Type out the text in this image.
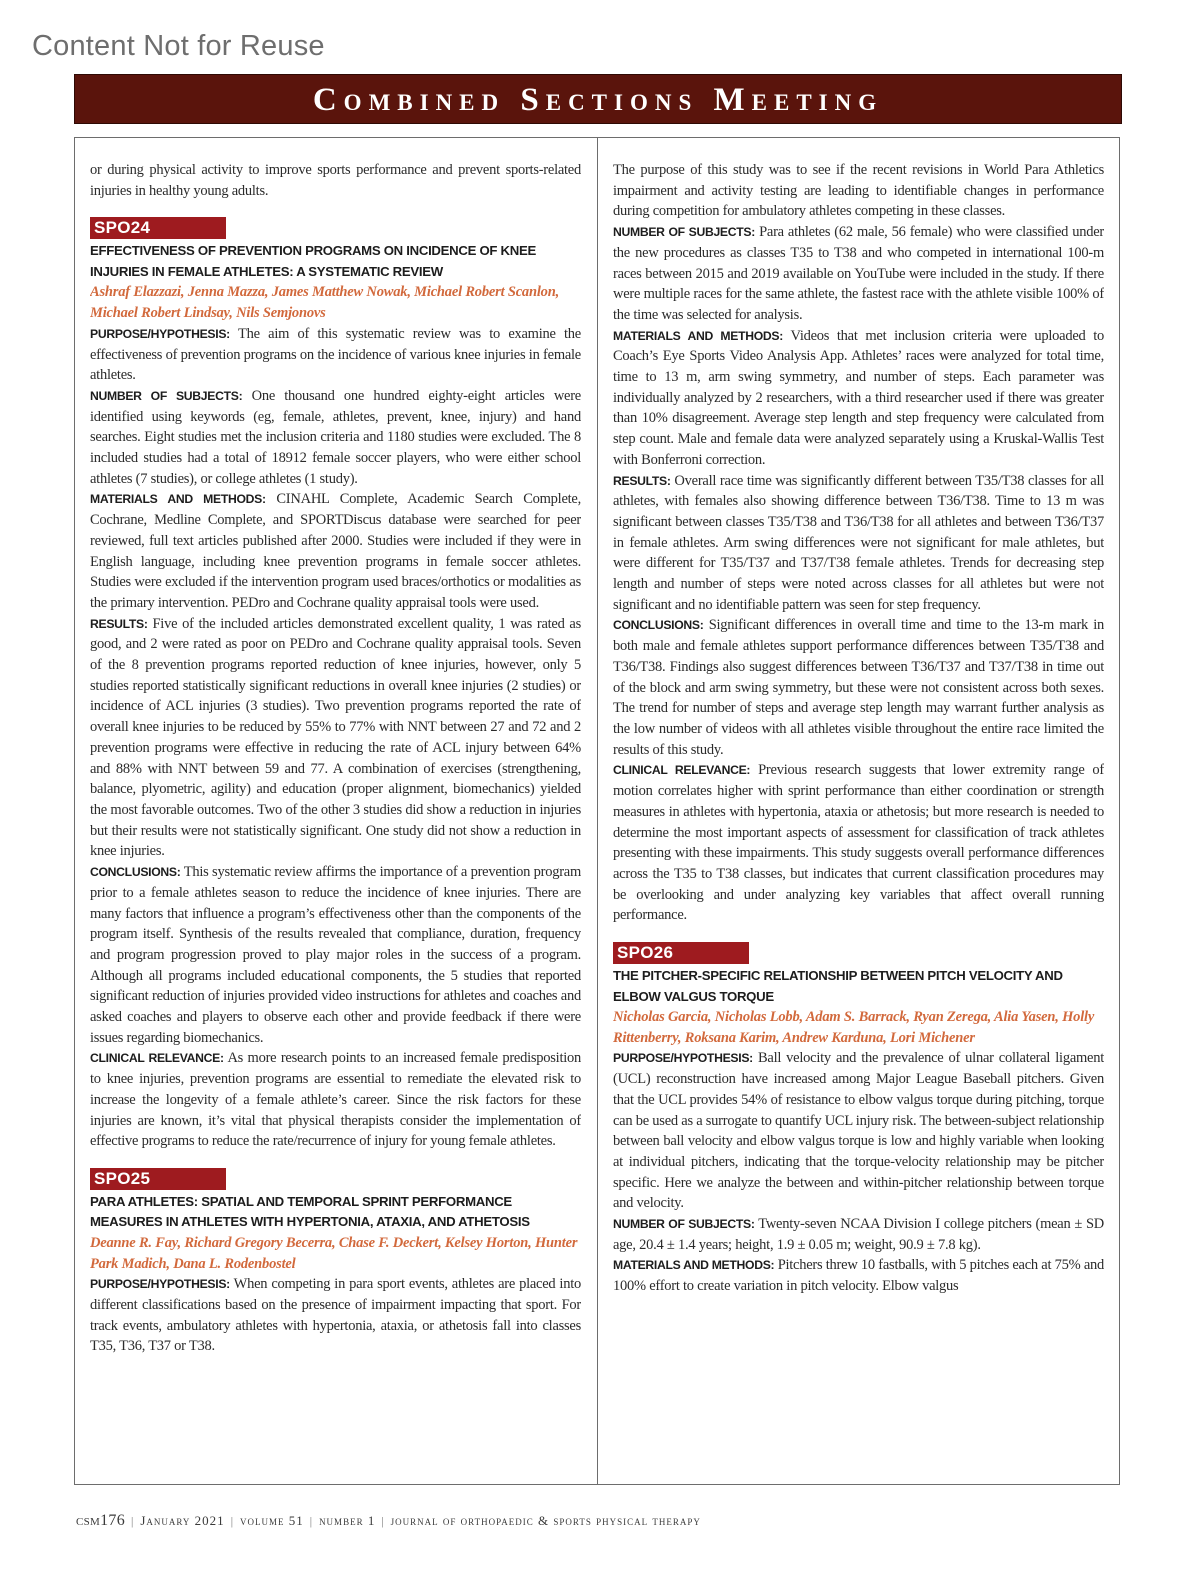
Content Not for Reuse
Combined Sections Meeting

or during physical activity to improve sports performance and prevent sports-related injuries in healthy young adults.

SPO24
EFFECTIVENESS OF PREVENTION PROGRAMS ON INCIDENCE OF KNEE INJURIES IN FEMALE ATHLETES: A SYSTEMATIC REVIEW
Ashraf Elazzazi, Jenna Mazza, James Matthew Nowak, Michael Robert Scanlon, Michael Robert Lindsay, Nils Semjonovs

PURPOSE/HYPOTHESIS: The aim of this systematic review was to examine the effectiveness of prevention programs on the incidence of various knee injuries in female athletes.

NUMBER OF SUBJECTS: One thousand one hundred eighty-eight articles were identified using keywords (eg, female, athletes, prevent, knee, injury) and hand searches. Eight studies met the inclusion criteria and 1180 studies were excluded. The 8 included studies had a total of 18912 female soccer players, who were either school athletes (7 studies), or college athletes (1 study).

MATERIALS AND METHODS: CINAHL Complete, Academic Search Complete, Cochrane, Medline Complete, and SPORTDiscus database were searched for peer reviewed, full text articles published after 2000. Studies were included if they were in English language, including knee prevention programs in female soccer athletes. Studies were excluded if the intervention program used braces/orthotics or modalities as the primary intervention. PEDro and Cochrane quality appraisal tools were used.

RESULTS: Five of the included articles demonstrated excellent quality, 1 was rated as good, and 2 were rated as poor on PEDro and Cochrane quality appraisal tools. Seven of the 8 prevention programs reported reduction of knee injuries, however, only 5 studies reported statistically significant reductions in overall knee injuries (2 studies) or incidence of ACL injuries (3 studies). Two prevention programs reported the rate of overall knee injuries to be reduced by 55% to 77% with NNT between 27 and 72 and 2 prevention programs were effective in reducing the rate of ACL injury between 64% and 88% with NNT between 59 and 77. A combination of exercises (strengthening, balance, plyometric, agility) and education (proper alignment, biomechanics) yielded the most favorable outcomes. Two of the other 3 studies did show a reduction in injuries but their results were not statistically significant. One study did not show a reduction in knee injuries.

CONCLUSIONS: This systematic review affirms the importance of a prevention program prior to a female athletes season to reduce the incidence of knee injuries. There are many factors that influence a program’s effectiveness other than the components of the program itself. Synthesis of the results revealed that compliance, duration, frequency and program progression proved to play major roles in the success of a program. Although all programs included educational components, the 5 studies that reported significant reduction of injuries provided video instructions for athletes and coaches and asked coaches and players to observe each other and provide feedback if there were issues regarding biomechanics.

CLINICAL RELEVANCE: As more research points to an increased female predisposition to knee injuries, prevention programs are essential to remediate the elevated risk to increase the longevity of a female athlete’s career. Since the risk factors for these injuries are known, it’s vital that physical therapists consider the implementation of effective programs to reduce the rate/recurrence of injury for young female athletes.

SPO25
PARA ATHLETES: SPATIAL AND TEMPORAL SPRINT PERFORMANCE MEASURES IN ATHLETES WITH HYPERTONIA, ATAXIA, AND ATHETOSIS
Deanne R. Fay, Richard Gregory Becerra, Chase F. Deckert, Kelsey Horton, Hunter Park Madich, Dana L. Rodenbostel

PURPOSE/HYPOTHESIS: When competing in para sport events, athletes are placed into different classifications based on the presence of impairment impacting that sport. For track events, ambulatory athletes with hypertonia, ataxia, or athetosis fall into classes T35, T36, T37 or T38.

The purpose of this study was to see if the recent revisions in World Para Athletics impairment and activity testing are leading to identifiable changes in performance during competition for ambulatory athletes competing in these classes.

NUMBER OF SUBJECTS: Para athletes (62 male, 56 female) who were classified under the new procedures as classes T35 to T38 and who competed in international 100-m races between 2015 and 2019 available on YouTube were included in the study. If there were multiple races for the same athlete, the fastest race with the athlete visible 100% of the time was selected for analysis.

MATERIALS AND METHODS: Videos that met inclusion criteria were uploaded to Coach’s Eye Sports Video Analysis App. Athletes’ races were analyzed for total time, time to 13 m, arm swing symmetry, and number of steps. Each parameter was individually analyzed by 2 researchers, with a third researcher used if there was greater than 10% disagreement. Average step length and step frequency were calculated from step count. Male and female data were analyzed separately using a Kruskal-Wallis Test with Bonferroni correction.

RESULTS: Overall race time was significantly different between T35/T38 classes for all athletes, with females also showing difference between T36/T38. Time to 13 m was significant between classes T35/T38 and T36/T38 for all athletes and between T36/T37 in female athletes. Arm swing differences were not significant for male athletes, but were different for T35/T37 and T37/T38 female athletes. Trends for decreasing step length and number of steps were noted across classes for all athletes but were not significant and no identifiable pattern was seen for step frequency.

CONCLUSIONS: Significant differences in overall time and time to the 13-m mark in both male and female athletes support performance differences between T35/T38 and T36/T38. Findings also suggest differences between T36/T37 and T37/T38 in time out of the block and arm swing symmetry, but these were not consistent across both sexes. The trend for number of steps and average step length may warrant further analysis as the low number of videos with all athletes visible throughout the entire race limited the results of this study.

CLINICAL RELEVANCE: Previous research suggests that lower extremity range of motion correlates higher with sprint performance than either coordination or strength measures in athletes with hypertonia, ataxia or athetosis; but more research is needed to determine the most important aspects of assessment for classification of track athletes presenting with these impairments. This study suggests overall performance differences across the T35 to T38 classes, but indicates that current classification procedures may be overlooking and under analyzing key variables that affect overall running performance.

SPO26
THE PITCHER-SPECIFIC RELATIONSHIP BETWEEN PITCH VELOCITY AND ELBOW VALGUS TORQUE
Nicholas Garcia, Nicholas Lobb, Adam S. Barrack, Ryan Zerega, Alia Yasen, Holly Rittenberry, Roksana Karim, Andrew Karduna, Lori Michener

PURPOSE/HYPOTHESIS: Ball velocity and the prevalence of ulnar collateral ligament (UCL) reconstruction have increased among Major League Baseball pitchers. Given that the UCL provides 54% of resistance to elbow valgus torque during pitching, torque can be used as a surrogate to quantify UCL injury risk. The between-subject relationship between ball velocity and elbow valgus torque is low and highly variable when looking at individual pitchers, indicating that the torque-velocity relationship may be pitcher specific. Here we analyze the between and within-pitcher relationship between torque and velocity.

NUMBER OF SUBJECTS: Twenty-seven NCAA Division I college pitchers (mean ± SD age, 20.4 ± 1.4 years; height, 1.9 ± 0.05 m; weight, 90.9 ± 7.8 kg).

MATERIALS AND METHODS: Pitchers threw 10 fastballs, with 5 pitches each at 75% and 100% effort to create variation in pitch velocity. Elbow valgus

csm176 | January 2021 | volume 51 | number 1 | journal of orthopaedic & sports physical therapy
